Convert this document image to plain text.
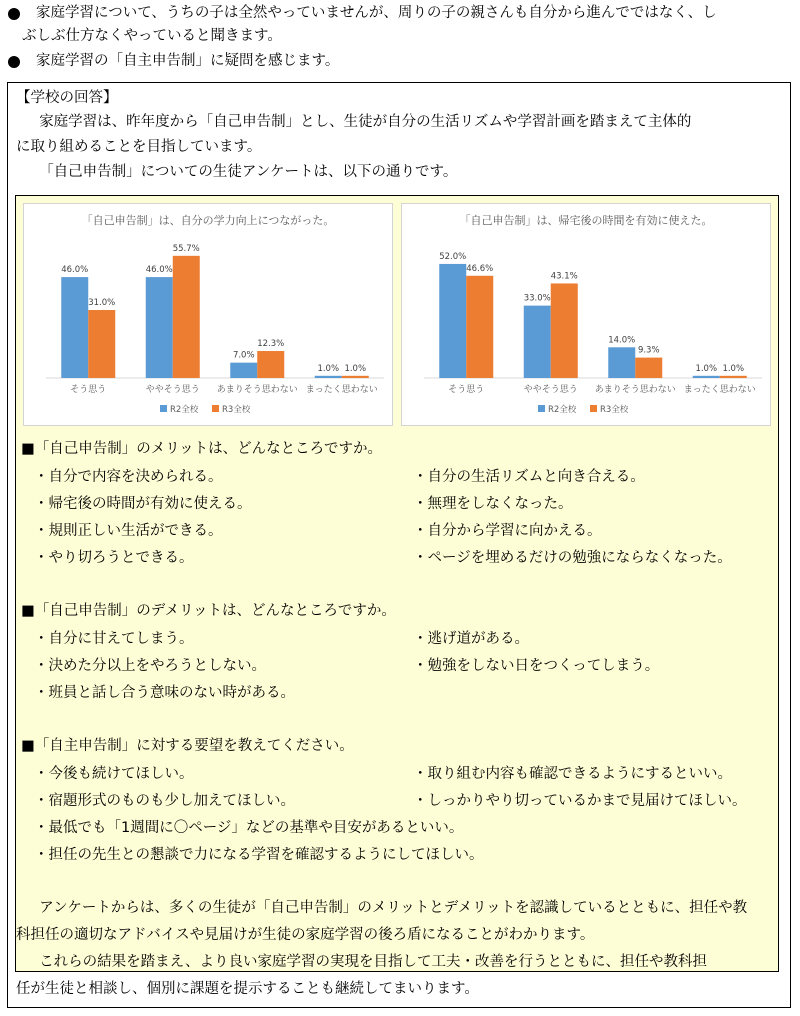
家庭学習について、うちの子は全然やっていませんが、周りの子の親さんも自分から進んでではなく、し
ぶしぶ仕方なくやっていると聞きます。
家庭学習の「自主申告制」に疑問を感じます。
【学校の回答】

家庭学習は、昨年度から「自己申告制」とし、生徒が自分の生活リズムや学習計画を踏まえて主体的

に取り組めることを目指しています。

「自己申告制」についての生徒アンケートは、以下の通りです。

「自己申告制」は、自分の学力向上につながった。
46.0%
31.0%
そう思う
46.0%
55.7%
ややそう思う
7.0%
12.3%
あまりそう思わない
1.0% 1.0%
まったく思わない
R2全校	R3全校
「自己申告制」は、帰宅後の時間を有効に使えた。
52.0%
46.6%
そう思う
33.0%
43.1%
ややそう思う
14.0%
9.3%
あまりそう思わない
1.0% 1.0%
まったく思わない
R2全校	R3全校
■「自己申告制」のメリットは、どんなところですか。
・自分で内容を決められる。	・自分の生活リズムと向き合える。
・帰宅後の時間が有効に使える。	・無理をしなくなった。
・規則正しい生活ができる。	・自分から学習に向かえる。
・やり切ろうとできる。	・ページを埋めるだけの勉強にならなくなった。
■「自己申告制」のデメリットは、どんなところですか。
・自分に甘えてしまう。	・逃げ道がある。
・決めた分以上をやろうとしない。	・勉強をしない日をつくってしまう。
・班員と話し合う意味のない時がある。
■「自主申告制」に対する要望を教えてください。
・今後も続けてほしい。	・取り組む内容も確認できるようにするといい。
・宿題形式のものも少し加えてほしい。	・しっかりやり切っているかまで見届けてほしい。
・最低でも「1週間に〇ページ」などの基準や目安があるといい。
・担任の先生との懇談で力になる学習を確認するようにしてほしい。

アンケートからは、多くの生徒が「自己申告制」のメリットとデメリットを認識しているとともに、担任や教

科担任の適切なアドバイスや見届けが生徒の家庭学習の後ろ盾になることがわかります。

これらの結果を踏まえ、より良い家庭学習の実現を目指して工夫・改善を行うとともに、担任や教科担

任が生徒と相談し、個別に課題を提示することも継続してまいります。
